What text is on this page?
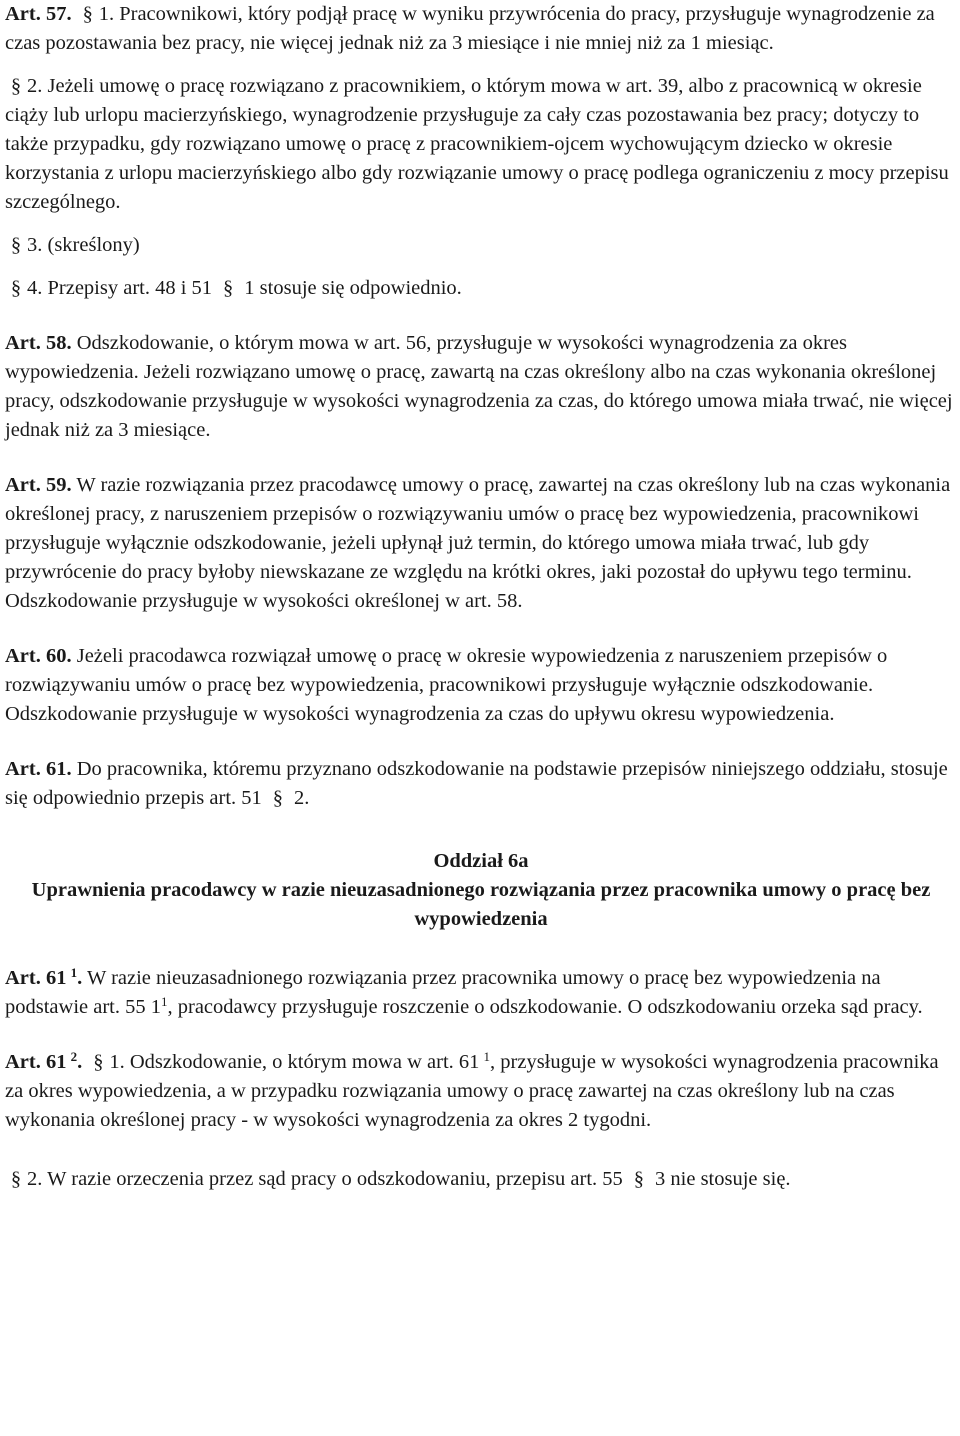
Art. 57. § 1. Pracownikowi, który podjął pracę w wyniku przywrócenia do pracy, przysługuje wynagrodzenie za czas pozostawania bez pracy, nie więcej jednak niż za 3 miesiące i nie mniej niż za 1 miesiąc.

§ 2. Jeżeli umowę o pracę rozwiązano z pracownikiem, o którym mowa w art. 39, albo z pracownicą w okresie ciąży lub urlopu macierzyńskiego, wynagrodzenie przysługuje za cały czas pozostawania bez pracy; dotyczy to także przypadku, gdy rozwiązano umowę o pracę z pracownikiem-ojcem wychowującym dziecko w okresie korzystania z urlopu macierzyńskiego albo gdy rozwiązanie umowy o pracę podlega ograniczeniu z mocy przepisu szczególnego.

§ 3. (skreślony)

§ 4. Przepisy art. 48 i 51 § 1 stosuje się odpowiednio.

Art. 58. Odszkodowanie, o którym mowa w art. 56, przysługuje w wysokości wynagrodzenia za okres wypowiedzenia. Jeżeli rozwiązano umowę o pracę, zawartą na czas określony albo na czas wykonania określonej pracy, odszkodowanie przysługuje w wysokości wynagrodzenia za czas, do którego umowa miała trwać, nie więcej jednak niż za 3 miesiące.

Art. 59. W razie rozwiązania przez pracodawcę umowy o pracę, zawartej na czas określony lub na czas wykonania określonej pracy, z naruszeniem przepisów o rozwiązywaniu umów o pracę bez wypowiedzenia, pracownikowi przysługuje wyłącznie odszkodowanie, jeżeli upłynął już termin, do którego umowa miała trwać, lub gdy przywrócenie do pracy byłoby niewskazane ze względu na krótki okres, jaki pozostał do upływu tego terminu. Odszkodowanie przysługuje w wysokości określonej w art. 58.

Art. 60. Jeżeli pracodawca rozwiązał umowę o pracę w okresie wypowiedzenia z naruszeniem przepisów o rozwiązywaniu umów o pracę bez wypowiedzenia, pracownikowi przysługuje wyłącznie odszkodowanie. Odszkodowanie przysługuje w wysokości wynagrodzenia za czas do upływu okresu wypowiedzenia.

Art. 61. Do pracownika, któremu przyznano odszkodowanie na podstawie przepisów niniejszego oddziału, stosuje się odpowiednio przepis art. 51 § 2.

Oddział 6a

Uprawnienia pracodawcy w razie nieuzasadnionego rozwiązania przez pracownika umowy o pracę bez wypowiedzenia

Art. 61  $^1$. W razie nieuzasadnionego rozwiązania przez pracownika umowy o pracę bez wypowiedzenia na podstawie art. 55 $1^1$, pracodawcy przysługuje roszczenie o odszkodowanie. O odszkodowaniu orzeka sąd pracy.

Art. 61  $^2$. § 1. Odszkodowanie, o którym mowa w art. 61  $^1$, przysługuje w wysokości wynagrodzenia pracownika za okres wypowiedzenia, a w przypadku rozwiązania umowy o pracę zawartej na czas określony lub na czas wykonania określonej pracy - w wysokości wynagrodzenia za okres 2 tygodni.

§ 2. W razie orzeczenia przez sąd pracy o odszkodowaniu, przepisu art. 55 § 3 nie stosuje się.
